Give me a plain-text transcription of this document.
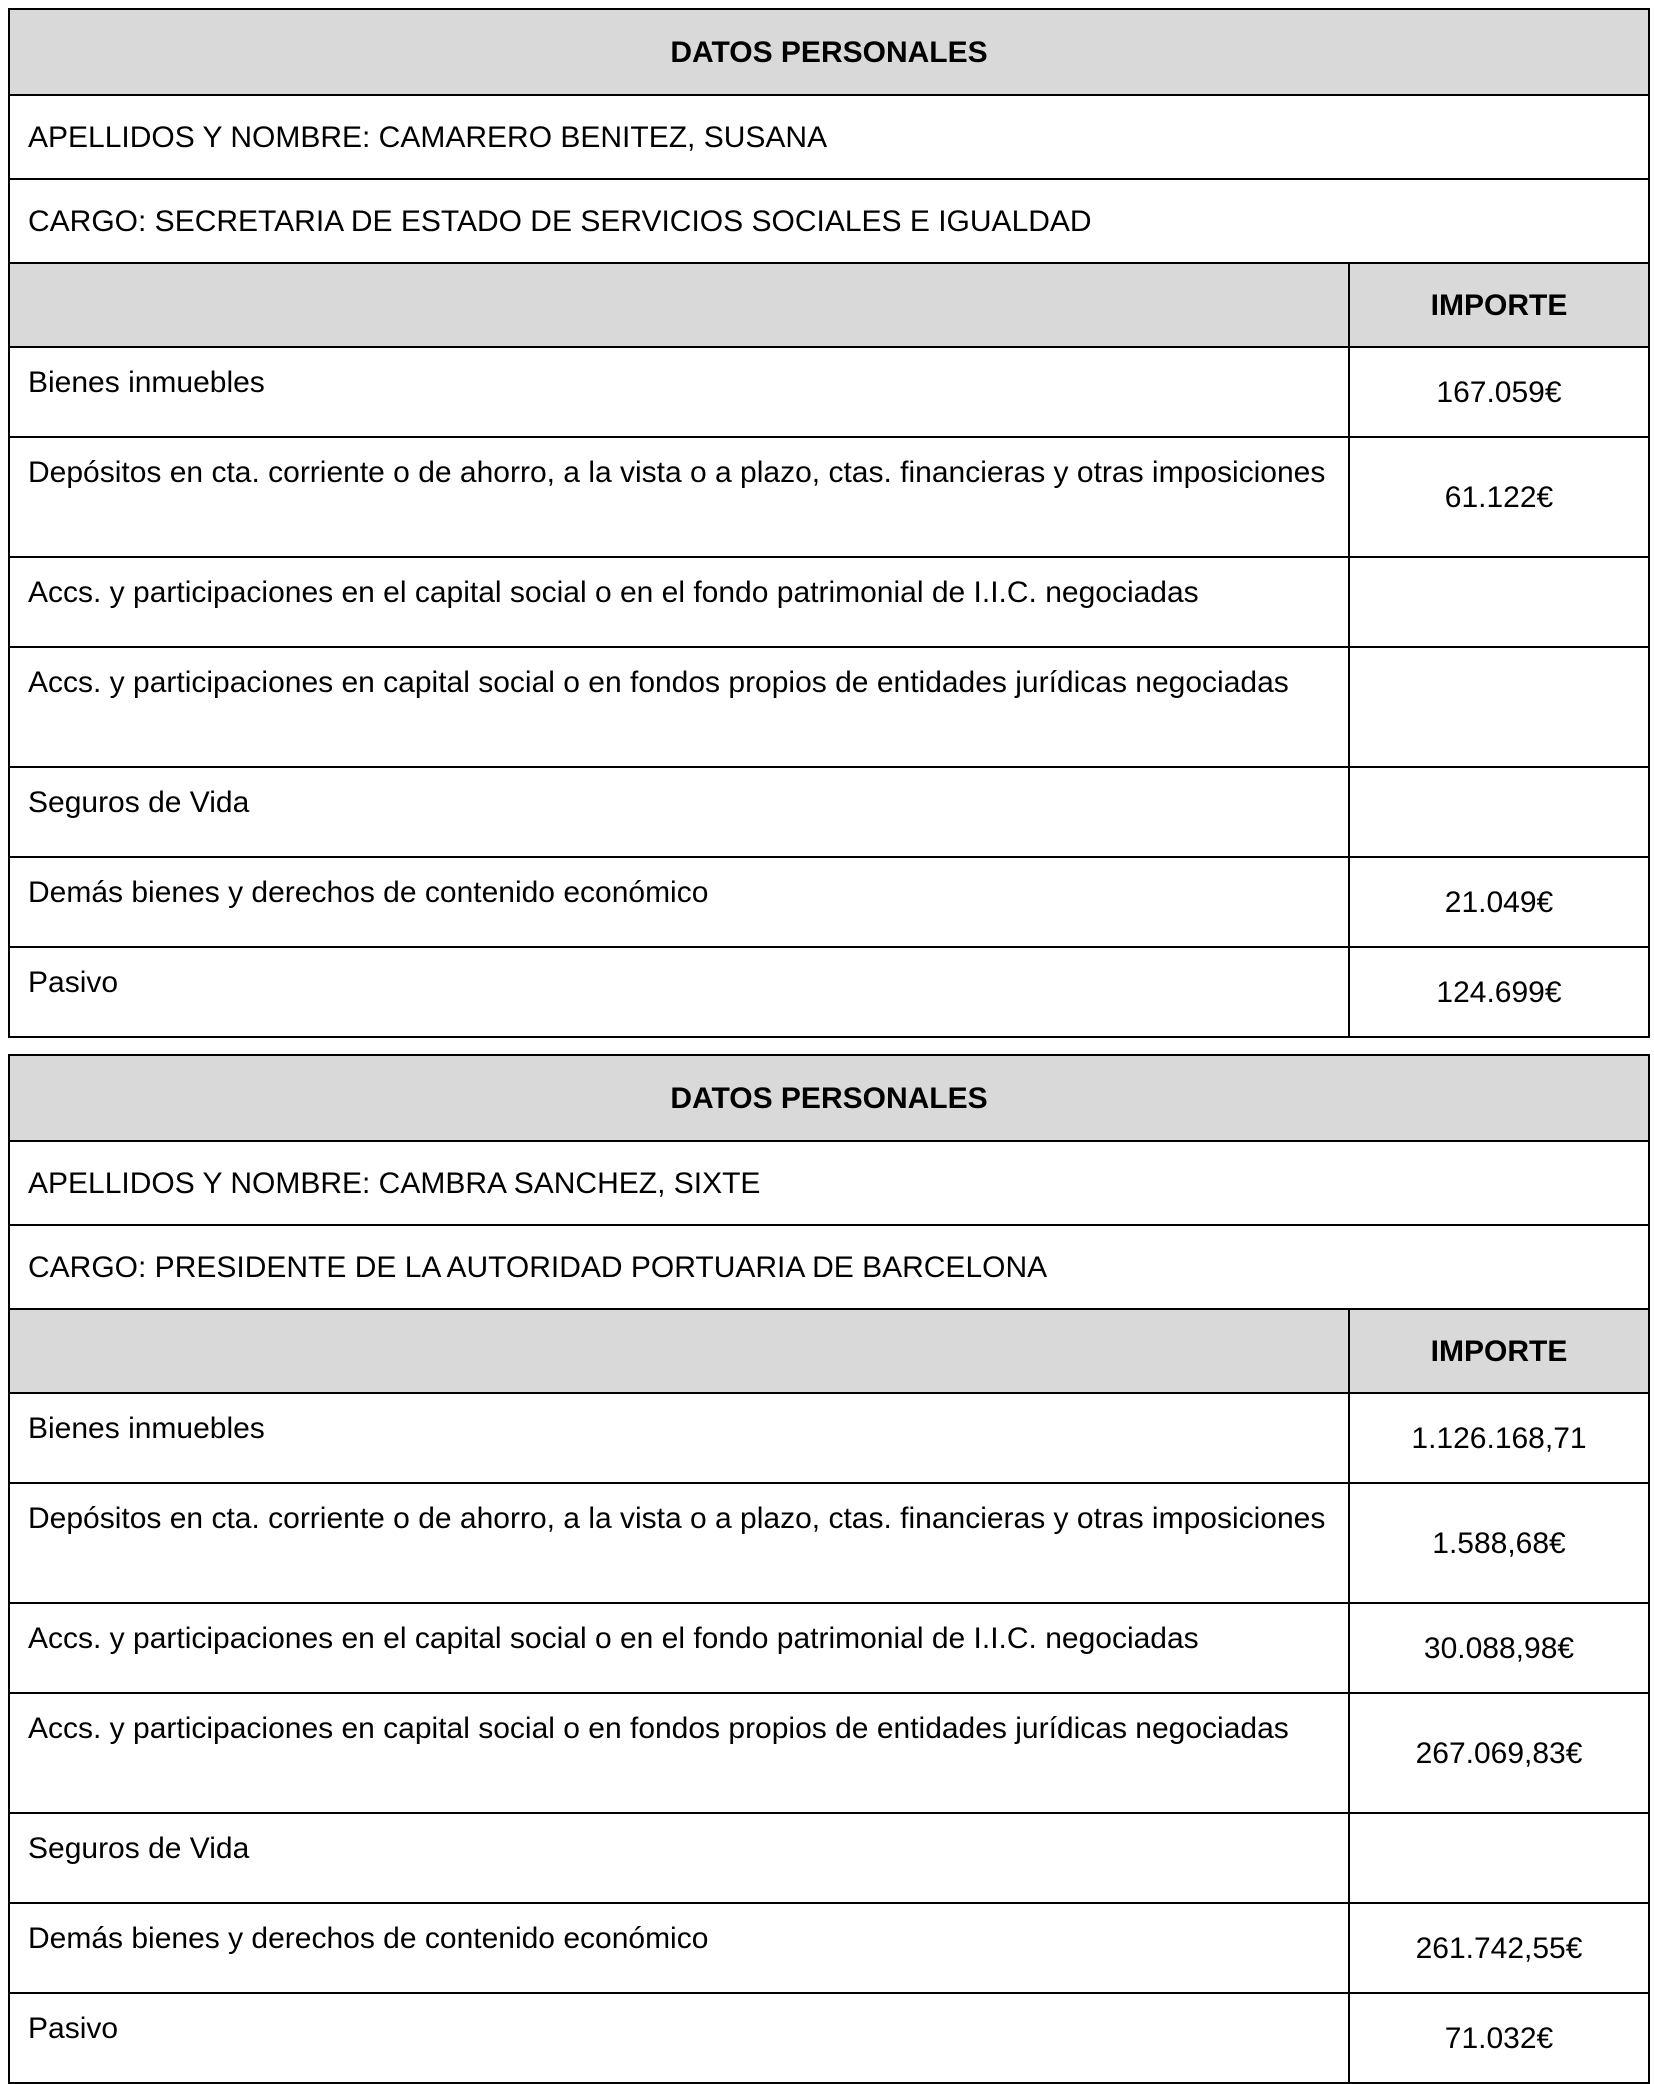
DATOS PERSONALES	
APELLIDOS Y NOMBRE: CAMARERO BENITEZ, SUSANA	
CARGO: SECRETARIA DE ESTADO DE SERVICIOS SOCIALES E IGUALDAD	
	IMPORTE
Bienes inmuebles	167.059€
Depósitos en cta. corriente o de ahorro, a la vista o a plazo, ctas. financieras y otras imposiciones	61.122€
Accs. y participaciones en el capital social o en el fondo patrimonial de I.I.C. negociadas	
Accs. y participaciones en capital social o en fondos propios de entidades jurídicas negociadas	
Seguros de Vida	
Demás bienes y derechos de contenido económico	21.049€
Pasivo	124.699€
DATOS PERSONALES	
APELLIDOS Y NOMBRE: CAMBRA SANCHEZ, SIXTE	
CARGO: PRESIDENTE DE LA AUTORIDAD PORTUARIA DE BARCELONA	
	IMPORTE
Bienes inmuebles	1.126.168,71
Depósitos en cta. corriente o de ahorro, a la vista o a plazo, ctas. financieras y otras imposiciones	1.588,68€
Accs. y participaciones en el capital social o en el fondo patrimonial de I.I.C. negociadas	30.088,98€
Accs. y participaciones en capital social o en fondos propios de entidades jurídicas negociadas	267.069,83€
Seguros de Vida	
Demás bienes y derechos de contenido económico	261.742,55€
Pasivo	71.032€
